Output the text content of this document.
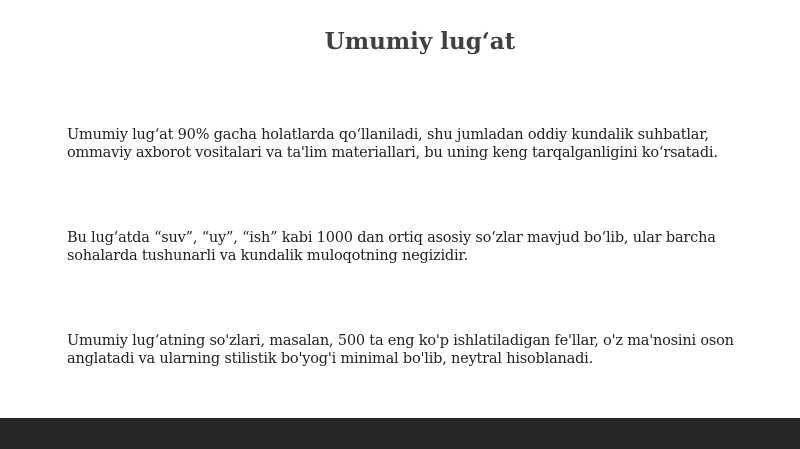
Umumiy lug‘at

Umumiy lug‘at 90% gacha holatlarda qo‘llaniladi, shu jumladan oddiy kundalik suhbatlar, ommaviy axborot vositalari va ta'lim materiallari, bu uning keng tarqalganligini ko‘rsatadi.

Bu lug‘atda “suv”, “uy”, “ish” kabi 1000 dan ortiq asosiy so‘zlar mavjud bo‘lib, ular barcha sohalarda tushunarli va kundalik muloqotning negizidir.

Umumiy lug‘atning so'zlari, masalan, 500 ta eng ko'p ishlatiladigan fe'llar, o'z ma'nosini oson anglatadi va ularning stilistik bo'yog'i minimal bo'lib, neytral hisoblanadi.
